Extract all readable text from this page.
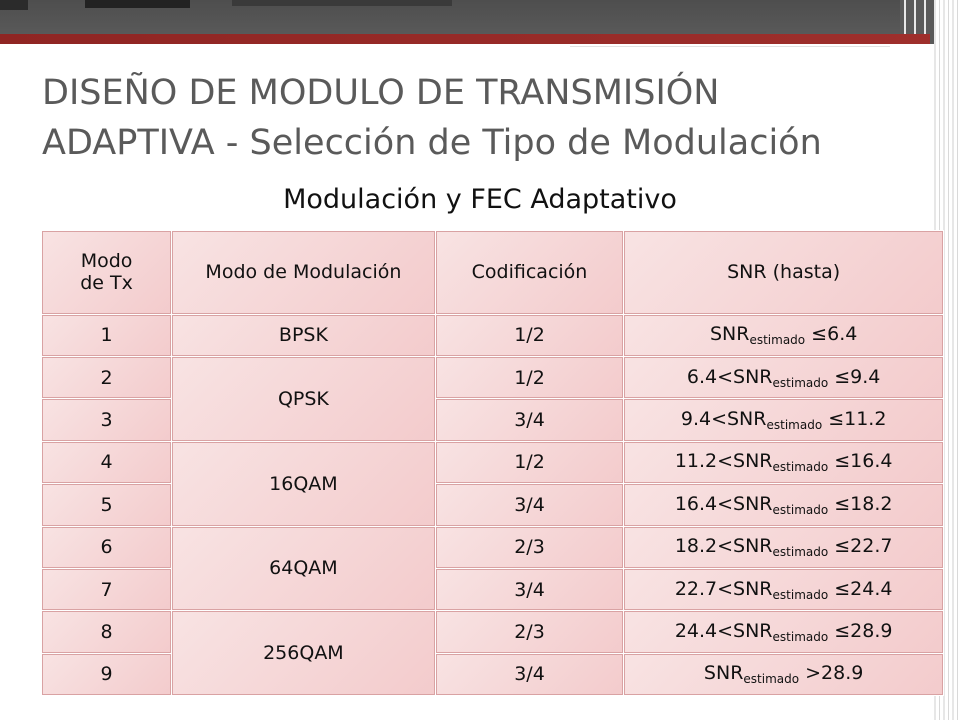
DISEÑO DE MODULO DE TRANSMISIÓN
ADAPTIVA - Selección de Tipo de Modulación
Modulación y FEC Adaptativo
Modo
de Tx	Modo de Modulación	Codificación	SNR (hasta)
1	BPSK	1/2	$SNR_{estimado} \le 6.4$
2	QPSK	1/2	$6.4<SNR_{estimado} \le 9.4$
3		3/4	$9.4<SNR_{estimado} \le 11.2$
4	16QAM	1/2	$11.2<SNR_{estimado} \le 16.4$
5		3/4	$16.4<SNR_{estimado} \le 18.2$
6	64QAM	2/3	$18.2<SNR_{estimado} \le 22.7$
7		3/4	$22.7<SNR_{estimado} \le 24.4$
8	256QAM	2/3	$24.4<SNR_{estimado} \le 28.9$
9		3/4	$SNR_{estimado} >28.9$
